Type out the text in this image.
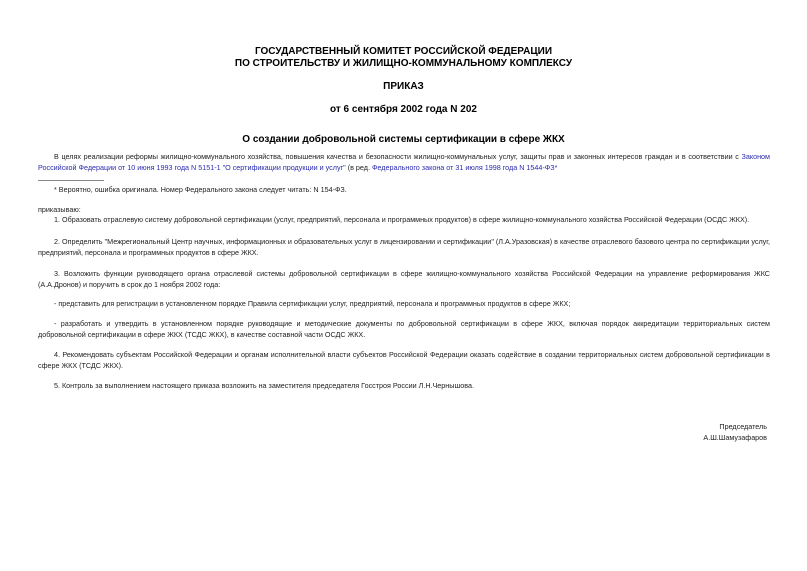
ГОСУДАРСТВЕННЫЙ КОМИТЕТ РОССИЙСКОЙ ФЕДЕРАЦИИ
ПО СТРОИТЕЛЬСТВУ И ЖИЛИЩНО-КОММУНАЛЬНОМУ КОМПЛЕКСУ
ПРИКАЗ
от 6 сентября 2002 года N 202
О создании добровольной системы сертификации в сфере ЖКХ
В целях реализации реформы жилищно-коммунального хозяйства, повышения качества и безопасности жилищно-коммунальных услуг, защиты прав и законных интересов граждан и в соответствии с Законом Российской Федерации от 10 июня 1993 года N 5151-1 "О сертификации продукции и услуг" (в ред. Федерального закона от 31 июля 1998 года N 1544-ФЗ*
* Вероятно, ошибка оригинала. Номер Федерального закона следует читать: N 154-ФЗ.
приказываю:
1. Образовать отраслевую систему добровольной сертификации (услуг, предприятий, персонала и программных продуктов) в сфере жилищно-коммунального хозяйства Российской Федерации (ОСДС ЖКХ).
2. Определить "Межрегиональный Центр научных, информационных и образовательных услуг в лицензировании и сертификации" (Л.А.Уразовская) в качестве отраслевого базового центра по сертификации услуг, предприятий, персонала и программных продуктов в сфере ЖКХ.
3. Возложить функции руководящего органа отраслевой системы добровольной сертификации в сфере жилищно-коммунального хозяйства Российской Федерации на управление реформирования ЖКС (А.А.Дронов) и поручить в срок до 1 ноября 2002 года:
- представить для регистрации в установленном порядке Правила сертификации услуг, предприятий, персонала и программных продуктов в сфере ЖКХ;
- разработать и утвердить в установленном порядке руководящие и методические документы по добровольной сертификации в сфере ЖКХ, включая порядок аккредитации территориальных систем добровольной сертификации в сфере ЖКХ (ТСДС ЖКХ), в качестве составной части ОСДС ЖКХ.
4. Рекомендовать субъектам Российской Федерации и органам исполнительной власти субъектов Российской Федерации оказать содействие в создании территориальных систем добровольной сертификации в сфере ЖКХ (ТСДС ЖКХ).
5. Контроль за выполнением настоящего приказа возложить на заместителя председателя Госстроя России Л.Н.Чернышова.
Председатель
А.Ш.Шамузафаров
